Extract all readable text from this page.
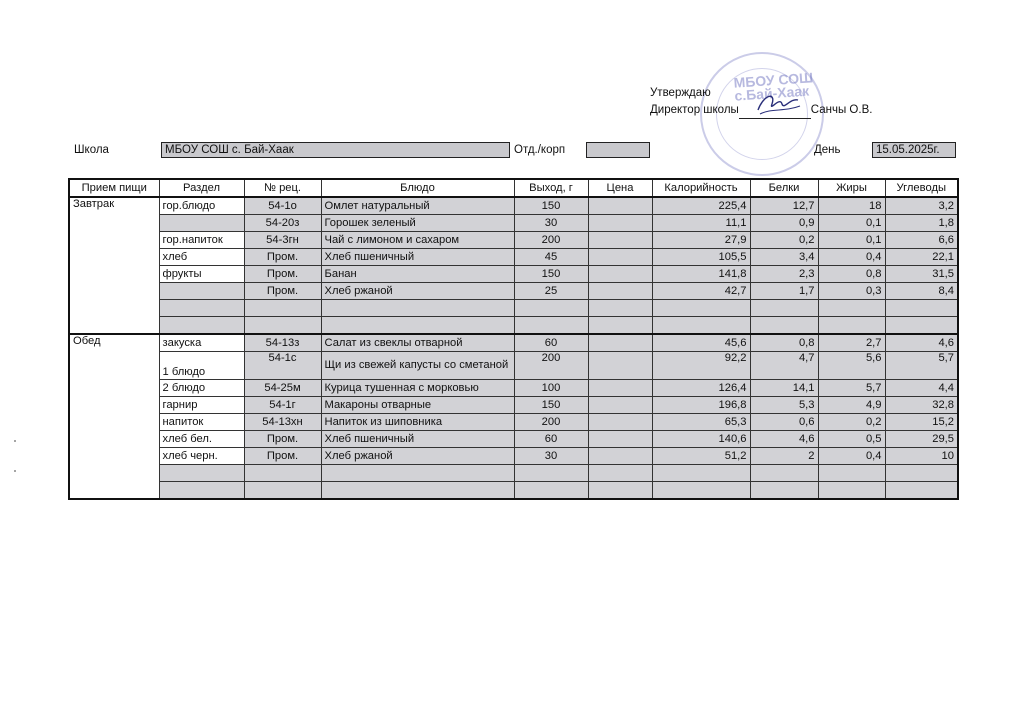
МБОУ СОШ
с.Бай-Хаак
Утверждаю
Директор школы	Санчы О.В.
Школа	МБОУ СОШ с. Бай-Хаак	Отд./корп	День	15.05.2025г.
Прием пищи	Раздел	№ рец.	Блюдо	Выход, г	Цена	Калорийность	Белки	Жиры	Углеводы
Завтрак	гор.блюдо	54-1о	Омлет натуральный	150		225,4	12,7	18	3,2
		54-20з	Горошек зеленый	30		11,1	0,9	0,1	1,8
	гор.напиток	54-3гн	Чай с лимоном и сахаром	200		27,9	0,2	0,1	6,6
	хлеб	Пром.	Хлеб пшеничный	45		105,5	3,4	0,4	22,1
	фрукты	Пром.	Банан	150		141,8	2,3	0,8	31,5
		Пром.	Хлеб ржаной	25		42,7	1,7	0,3	8,4

Обед	закуска	54-13з	Салат из свеклы отварной	60		45,6	0,8	2,7	4,6
	1 блюдо	54-1с	Щи из свежей капусты со сметаной	200		92,2	4,7	5,6	5,7
	2 блюдо	54-25м	Курица тушенная с морковью	100		126,4	14,1	5,7	4,4
	гарнир	54-1г	Макароны отварные	150		196,8	5,3	4,9	32,8
	напиток	54-13хн	Напиток из шиповника	200		65,3	0,6	0,2	15,2
	хлеб бел.	Пром.	Хлеб пшеничный	60		140,6	4,6	0,5	29,5
	хлеб черн.	Пром.	Хлеб ржаной	30		51,2	2	0,4	10
